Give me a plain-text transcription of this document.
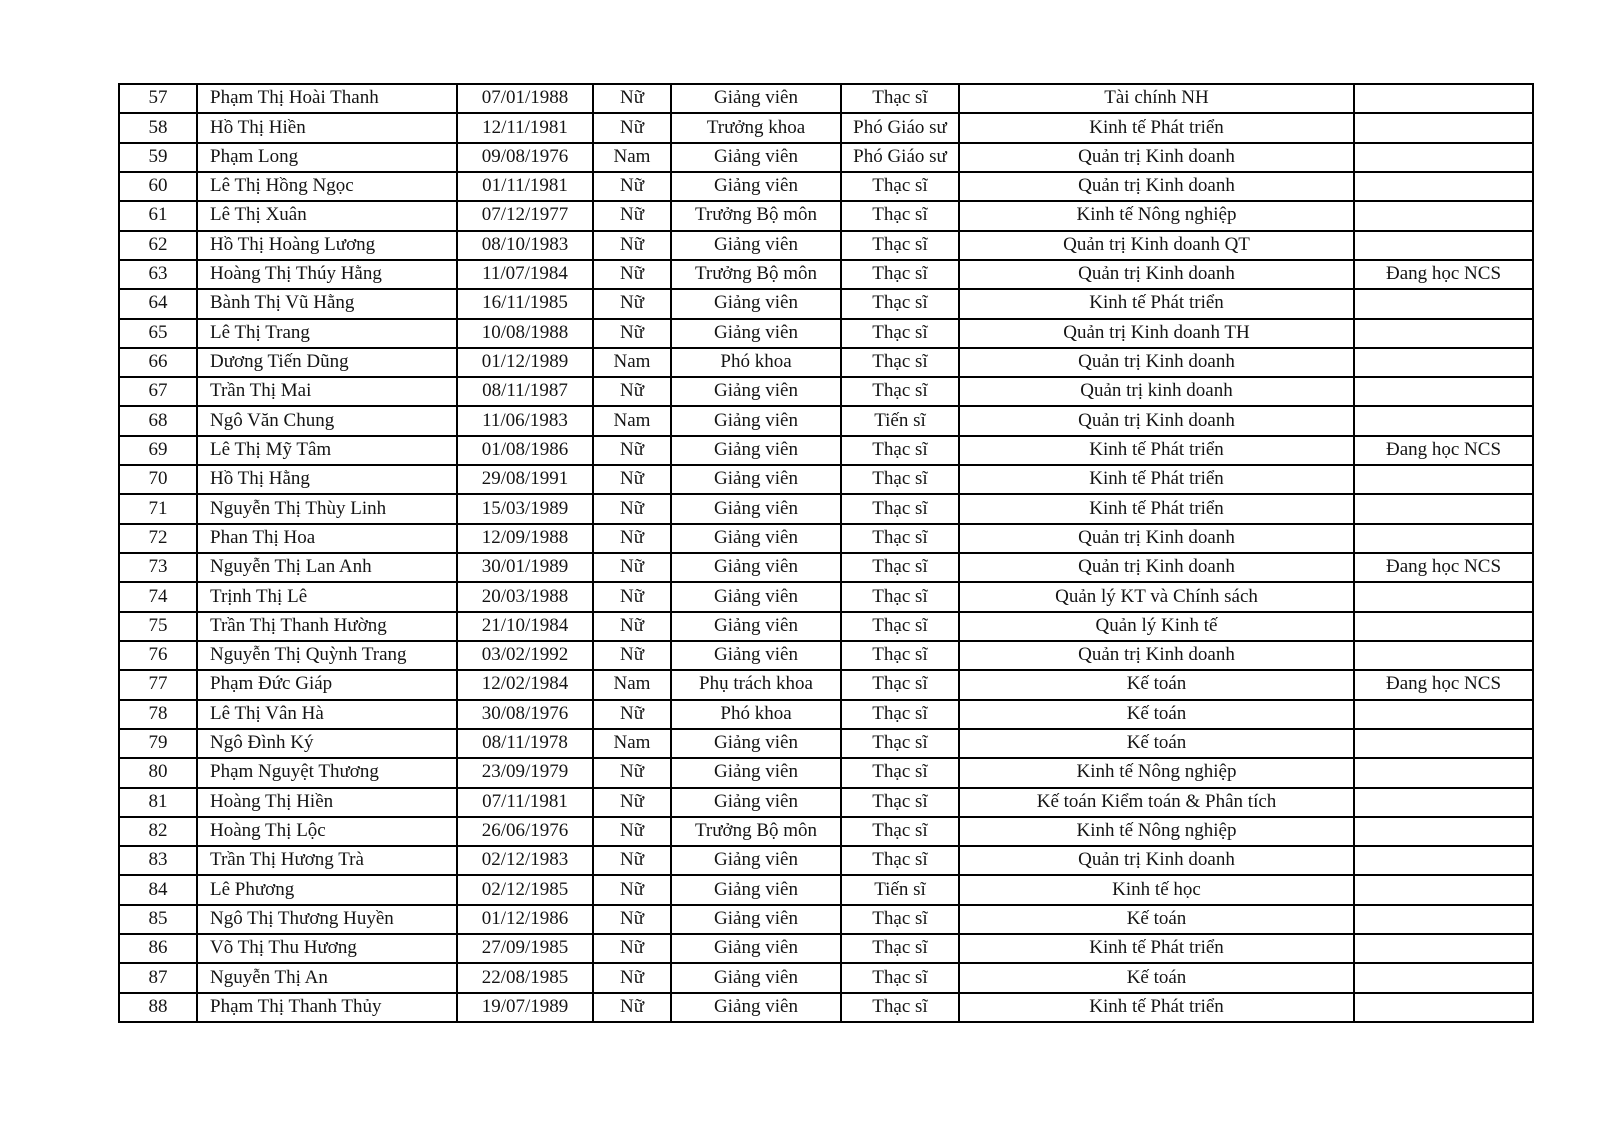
57	Phạm Thị Hoài Thanh	07/01/1988	Nữ	Giảng viên	Thạc sĩ	Tài chính NH	
58	Hồ Thị Hiền	12/11/1981	Nữ	Trưởng khoa	Phó Giáo sư	Kinh tế Phát triển	
59	Phạm Long	09/08/1976	Nam	Giảng viên	Phó Giáo sư	Quản trị Kinh doanh	
60	Lê Thị Hồng Ngọc	01/11/1981	Nữ	Giảng viên	Thạc sĩ	Quản trị Kinh doanh	
61	Lê Thị Xuân	07/12/1977	Nữ	Trưởng Bộ môn	Thạc sĩ	Kinh tế Nông nghiệp	
62	Hồ Thị Hoàng Lương	08/10/1983	Nữ	Giảng viên	Thạc sĩ	Quản trị Kinh doanh QT	
63	Hoàng Thị Thúy Hằng	11/07/1984	Nữ	Trưởng Bộ môn	Thạc sĩ	Quản trị Kinh doanh	Đang học NCS
64	Bành Thị Vũ Hằng	16/11/1985	Nữ	Giảng viên	Thạc sĩ	Kinh tế Phát triển	
65	Lê Thị Trang	10/08/1988	Nữ	Giảng viên	Thạc sĩ	Quản trị Kinh doanh TH	
66	Dương Tiến Dũng	01/12/1989	Nam	Phó khoa	Thạc sĩ	Quản trị Kinh doanh	
67	Trần Thị Mai	08/11/1987	Nữ	Giảng viên	Thạc sĩ	Quản trị kinh doanh	
68	Ngô Văn Chung	11/06/1983	Nam	Giảng viên	Tiến sĩ	Quản trị Kinh doanh	
69	Lê Thị Mỹ Tâm	01/08/1986	Nữ	Giảng viên	Thạc sĩ	Kinh tế Phát triển	Đang học NCS
70	Hồ Thị Hằng	29/08/1991	Nữ	Giảng viên	Thạc sĩ	Kinh tế Phát triển	
71	Nguyễn Thị Thùy Linh	15/03/1989	Nữ	Giảng viên	Thạc sĩ	Kinh tế Phát triển	
72	Phan Thị Hoa	12/09/1988	Nữ	Giảng viên	Thạc sĩ	Quản trị Kinh doanh	
73	Nguyễn Thị Lan Anh	30/01/1989	Nữ	Giảng viên	Thạc sĩ	Quản trị Kinh doanh	Đang học NCS
74	Trịnh Thị Lê	20/03/1988	Nữ	Giảng viên	Thạc sĩ	Quản lý KT và Chính sách	
75	Trần Thị Thanh Hường	21/10/1984	Nữ	Giảng viên	Thạc sĩ	Quản lý Kinh tế	
76	Nguyễn Thị Quỳnh Trang	03/02/1992	Nữ	Giảng viên	Thạc sĩ	Quản trị Kinh doanh	
77	Phạm Đức Giáp	12/02/1984	Nam	Phụ trách khoa	Thạc sĩ	Kế toán	Đang học NCS
78	Lê Thị Vân Hà	30/08/1976	Nữ	Phó khoa	Thạc sĩ	Kế toán	
79	Ngô Đình Ký	08/11/1978	Nam	Giảng viên	Thạc sĩ	Kế toán	
80	Phạm Nguyệt Thương	23/09/1979	Nữ	Giảng viên	Thạc sĩ	Kinh tế Nông nghiệp	
81	Hoàng Thị Hiền	07/11/1981	Nữ	Giảng viên	Thạc sĩ	Kế toán Kiểm toán & Phân tích	
82	Hoàng Thị Lộc	26/06/1976	Nữ	Trưởng Bộ môn	Thạc sĩ	Kinh tế Nông nghiệp	
83	Trần Thị Hương Trà	02/12/1983	Nữ	Giảng viên	Thạc sĩ	Quản trị Kinh doanh	
84	Lê Phương	02/12/1985	Nữ	Giảng viên	Tiến sĩ	Kinh tế học	
85	Ngô Thị Thương Huyền	01/12/1986	Nữ	Giảng viên	Thạc sĩ	Kế toán	
86	Võ Thị Thu Hương	27/09/1985	Nữ	Giảng viên	Thạc sĩ	Kinh tế Phát triển	
87	Nguyễn Thị An	22/08/1985	Nữ	Giảng viên	Thạc sĩ	Kế toán	
88	Phạm Thị Thanh Thủy	19/07/1989	Nữ	Giảng viên	Thạc sĩ	Kinh tế Phát triển	
